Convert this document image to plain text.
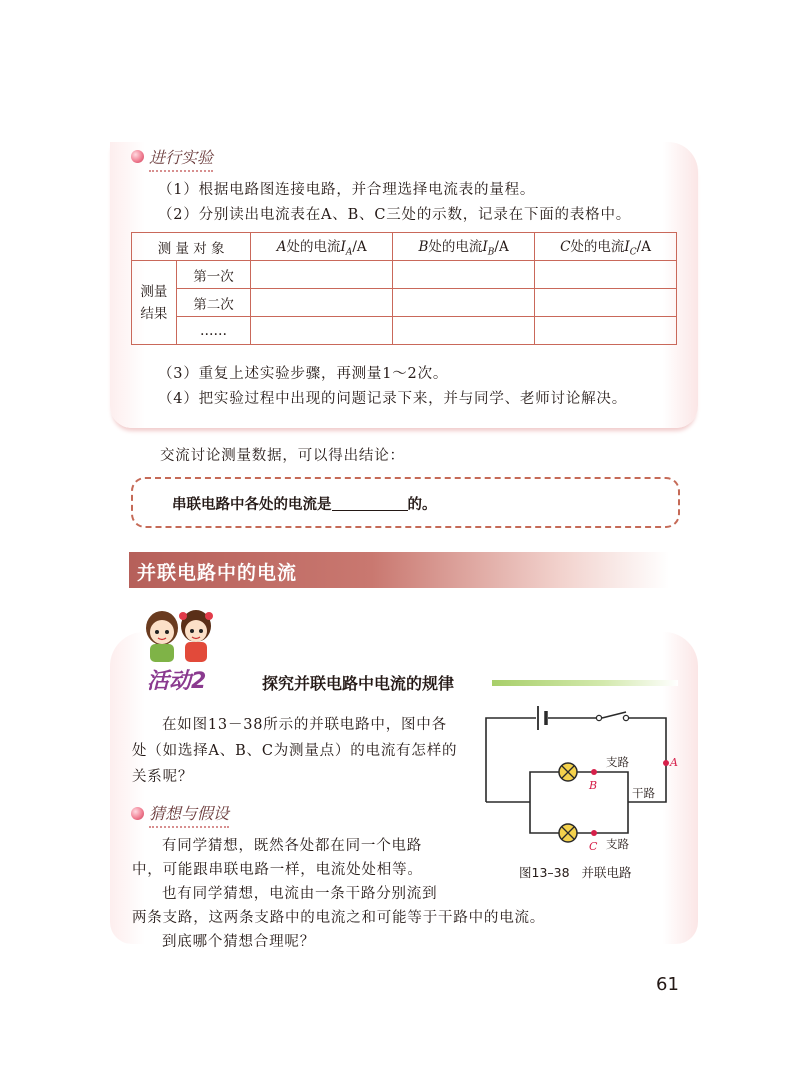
进行实验
（1）根据电路图连接电路，并合理选择电流表的量程。
（2）分别读出电流表在A、B、C三处的示数，记录在下面的表格中。
测 量 对 象		A处的电流$I_A/A$	B处的电流$I_B/A$	C处的电流$I_C/A$
测量
结果	第一次			
	第二次			
	……			
（3）重复上述实验步骤，再测量1～2次。
（4）把实验过程中出现的问题记录下来，并与同学、老师讨论解决。
交流讨论测量数据，可以得出结论：
串联电路中各处的电流是	的。
并联电路中的电流
活动2	探究并联电路中电流的规律
在如图13－38所示的并联电路中，图中各
处（如选择A、B、C为测量点）的电流有怎样的
关系呢？
猜想与假设
有同学猜想，既然各处都在同一个电路
中，可能跟串联电路一样，电流处处相等。
也有同学猜想，电流由一条干路分别流到
两条支路，这两条支路中的电流之和可能等于干路中的电流。
到底哪个猜想合理呢？
支路
干路
支路
A
B
C
图13–38 并联电路
61
